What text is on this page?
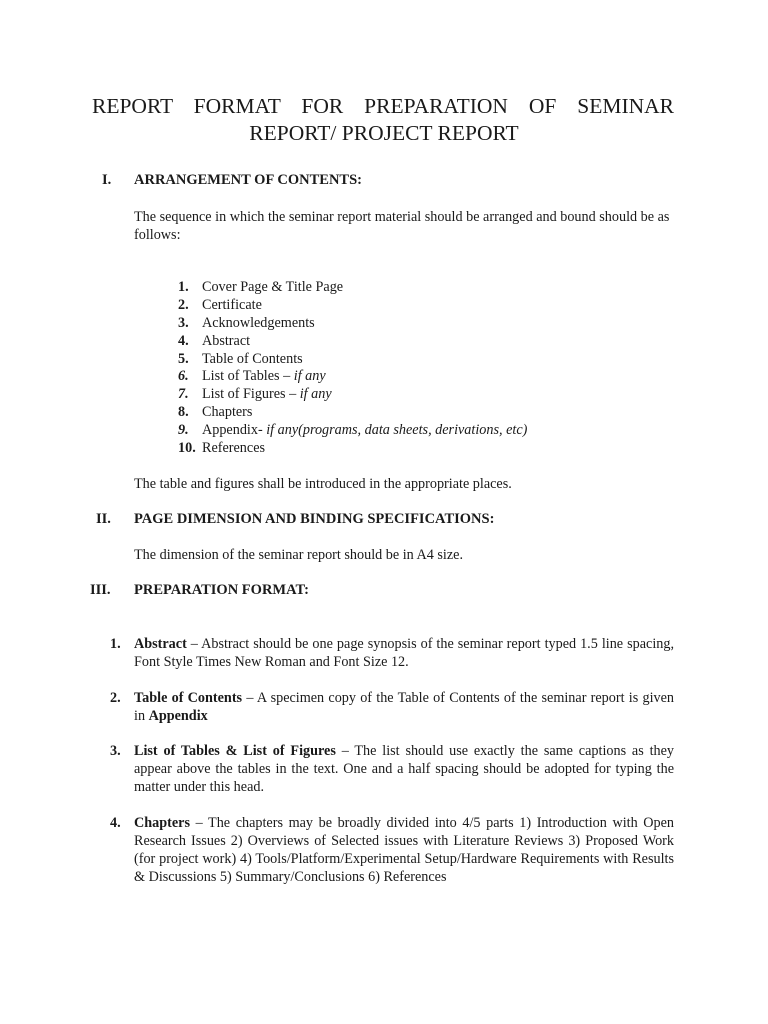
REPORT FORMAT FOR PREPARATION OF SEMINAR
REPORT/ PROJECT REPORT
I. ARRANGEMENT OF CONTENTS:

The sequence in which the seminar report material should be arranged and bound should be as follows:

1. Cover Page & Title Page
2. Certificate
3. Acknowledgements
4. Abstract
5. Table of Contents
6. List of Tables – if any
7. List of Figures – if any
8. Chapters
9. Appendix- if any(programs, data sheets, derivations, etc)
10. References

The table and figures shall be introduced in the appropriate places.

II. PAGE DIMENSION AND BINDING SPECIFICATIONS:

The dimension of the seminar report should be in A4 size.

III. PREPARATION FORMAT:
1. Abstract – Abstract should be one page synopsis of the seminar report typed 1.5 line spacing, Font Style Times New Roman and Font Size 12.
2. Table of Contents – A specimen copy of the Table of Contents of the seminar report is given in Appendix
3. List of Tables & List of Figures – The list should use exactly the same captions as they appear above the tables in the text. One and a half spacing should be adopted for typing the matter under this head.
4. Chapters – The chapters may be broadly divided into 4/5 parts 1) Introduction with Open Research Issues 2) Overviews of Selected issues with Literature Reviews 3) Proposed Work (for project work) 4) Tools/Platform/Experimental Setup/Hardware Requirements with Results & Discussions 5) Summary/Conclusions 6) References
